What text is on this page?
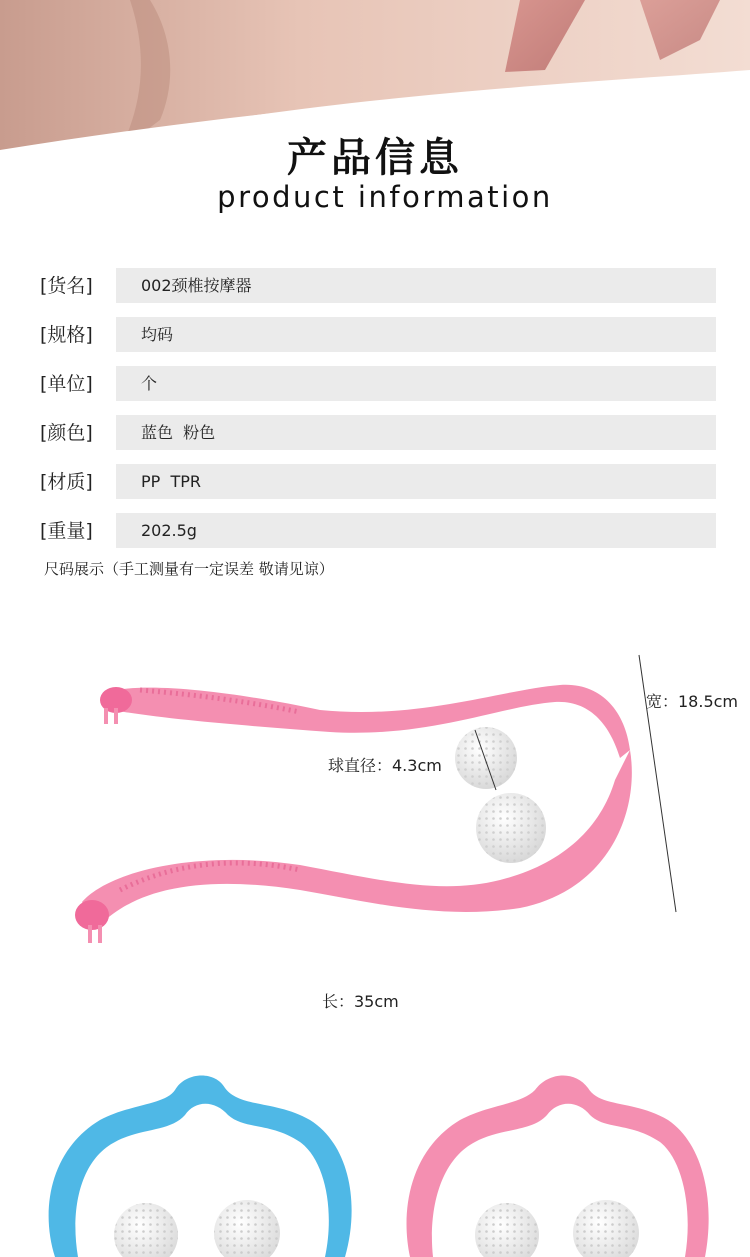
产品信息
product information
[货名]	002颈椎按摩器
[规格]	均码
[单位]	个
[颜色]	蓝色  粉色
[材质]	PP  TPR
[重量]	202.5g
尺码展示（手工测量有一定误差 敬请见谅）
宽：18.5cm
球直径：4.3cm
长：35cm
